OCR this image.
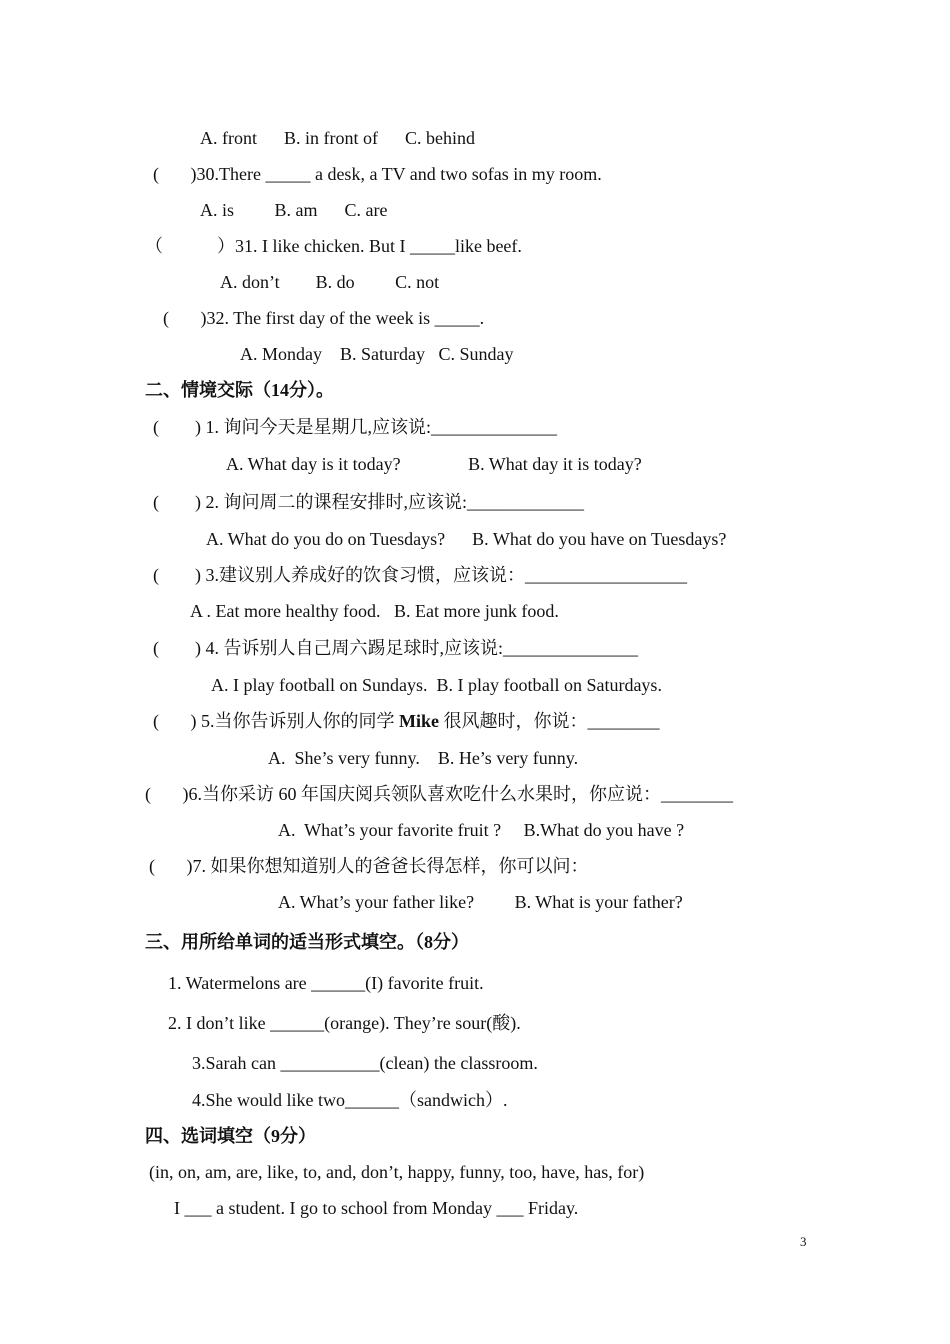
A. front      B. in front of      C. behind
(       )30.There _____ a desk, a TV and two sofas in my room.
A. is         B. am      C. are
（            ）31. I like chicken. But I _____like beef.
A. don’t        B. do         C. not
(       )32. The first day of the week is _____.
A. Monday    B. Saturday   C. Sunday
二、情境交际（14分）。
(        ) 1. 询问今天是星期几,应该说:______________
A. What day is it today?               B. What day it is today?
(        ) 2. 询问周二的课程安排时,应该说:_____________
A. What do you do on Tuesdays?      B. What do you have on Tuesdays?
(        ) 3.建议别人养成好的饮食习惯，应该说：__________________
A . Eat more healthy food.   B. Eat more junk food.
(        ) 4. 告诉别人自己周六踢足球时,应该说:_______________
A. I play football on Sundays.  B. I play football on Saturdays.
(       ) 5.当你告诉别人你的同学 Mike 很风趣时，你说：________
A.  She’s very funny.    B. He’s very funny.
(       )6.当你采访 60 年国庆阅兵领队喜欢吃什么水果时，你应说：________
A.  What’s your favorite fruit ?     B.What do you have ?
(       )7. 如果你想知道别人的爸爸长得怎样，你可以问：
A. What’s your father like?         B. What is your father?
三、用所给单词的适当形式填空。（8分）
1. Watermelons are ______(I) favorite fruit.
2. I don’t like ______(orange). They’re sour(酸).
3.Sarah can ___________(clean) the classroom.
4.She would like two______（sandwich）.
四、选词填空（9分）
(in, on, am, are, like, to, and, don’t, happy, funny, too, have, has, for)
I ___ a student. I go to school from Monday ___ Friday.
3
